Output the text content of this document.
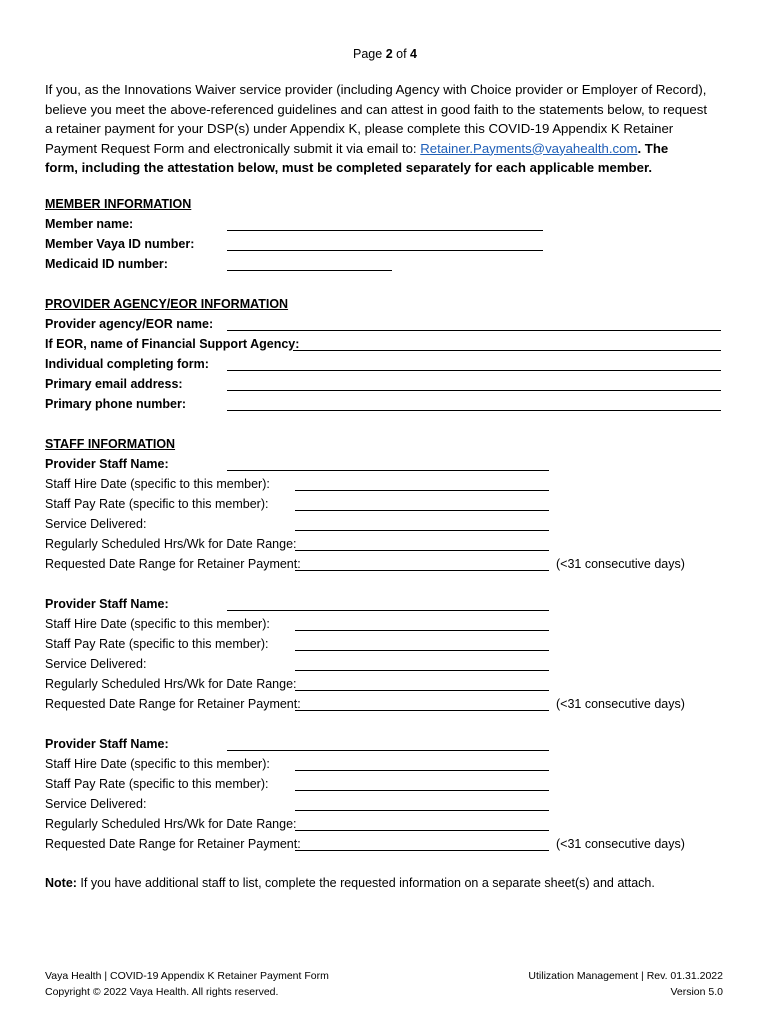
Page 2 of 4
If you, as the Innovations Waiver service provider (including Agency with Choice provider or Employer of Record),
believe you meet the above-referenced guidelines and can attest in good faith to the statements below, to request
a retainer payment for your DSP(s) under Appendix K, please complete this COVID-19 Appendix K Retainer
Payment Request Form and electronically submit it via email to: Retainer.Payments@vayahealth.com. The
form, including the attestation below, must be completed separately for each applicable member.
MEMBER INFORMATION
Member name:
Member Vaya ID number:
Medicaid ID number:
PROVIDER AGENCY/EOR INFORMATION
Provider agency/EOR name:
If EOR, name of Financial Support Agency:
Individual completing form:
Primary email address:
Primary phone number:
STAFF INFORMATION
Provider Staff Name:
Staff Hire Date (specific to this member):
Staff Pay Rate (specific to this member):
Service Delivered:
Regularly Scheduled Hrs/Wk for Date Range:
Requested Date Range for Retainer Payment:	(<31 consecutive days)
Provider Staff Name:
Staff Hire Date (specific to this member):
Staff Pay Rate (specific to this member):
Service Delivered:
Regularly Scheduled Hrs/Wk for Date Range:
Requested Date Range for Retainer Payment:	(<31 consecutive days)
Provider Staff Name:
Staff Hire Date (specific to this member):
Staff Pay Rate (specific to this member):
Service Delivered:
Regularly Scheduled Hrs/Wk for Date Range:
Requested Date Range for Retainer Payment:	(<31 consecutive days)
Note: If you have additional staff to list, complete the requested information on a separate sheet(s) and attach.
Vaya Health | COVID-19 Appendix K Retainer Payment Form
Copyright © 2022 Vaya Health. All rights reserved.
Utilization Management | Rev. 01.31.2022
Version 5.0
